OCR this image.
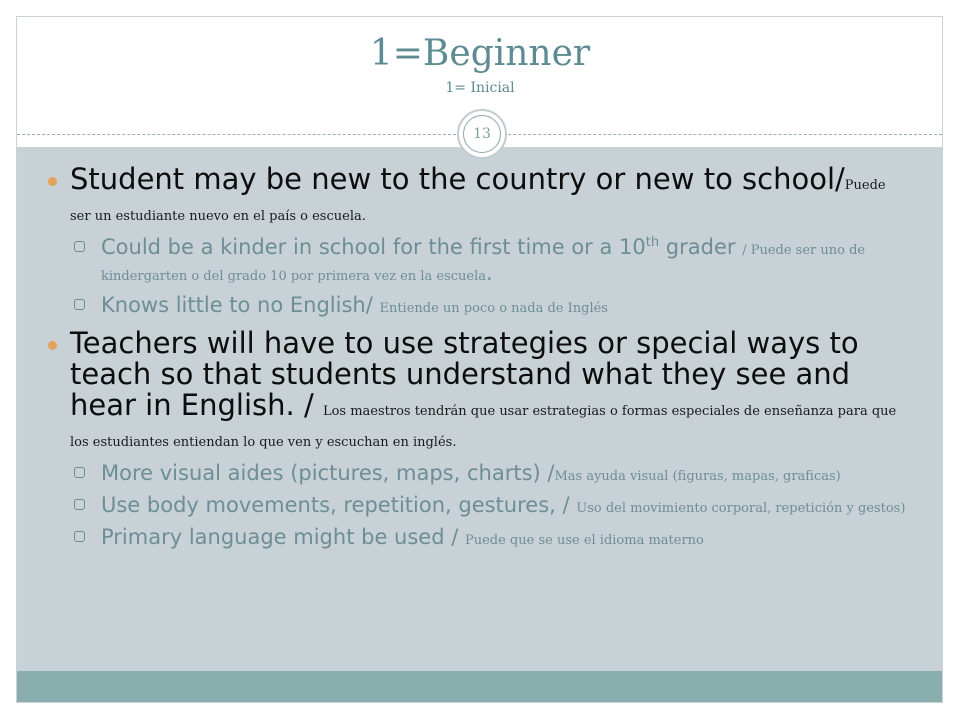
1=Beginner
1= Inicial
13
Student may be new to the country or new to school/Puede
ser un estudiante nuevo en el país o escuela.
Could be a kinder in school for the first time or a 10th grader / Puede ser uno de kindergarten o del grado 10 por primera vez en la escuela.
Knows little to no English/ Entiende un poco o nada de Inglés
Teachers will have to use strategies or special ways to teach so that students understand what they see and hear in English. / Los maestros tendrán que usar estrategias o formas especiales de enseñanza para que los estudiantes entiendan lo que ven y escuchan en inglés.
More visual aides (pictures, maps, charts) /Mas ayuda visual (figuras, mapas, graficas)
Use body movements, repetition, gestures, / Uso del movimiento corporal, repetición y gestos)
Primary language might be used / Puede que se use el idioma materno
